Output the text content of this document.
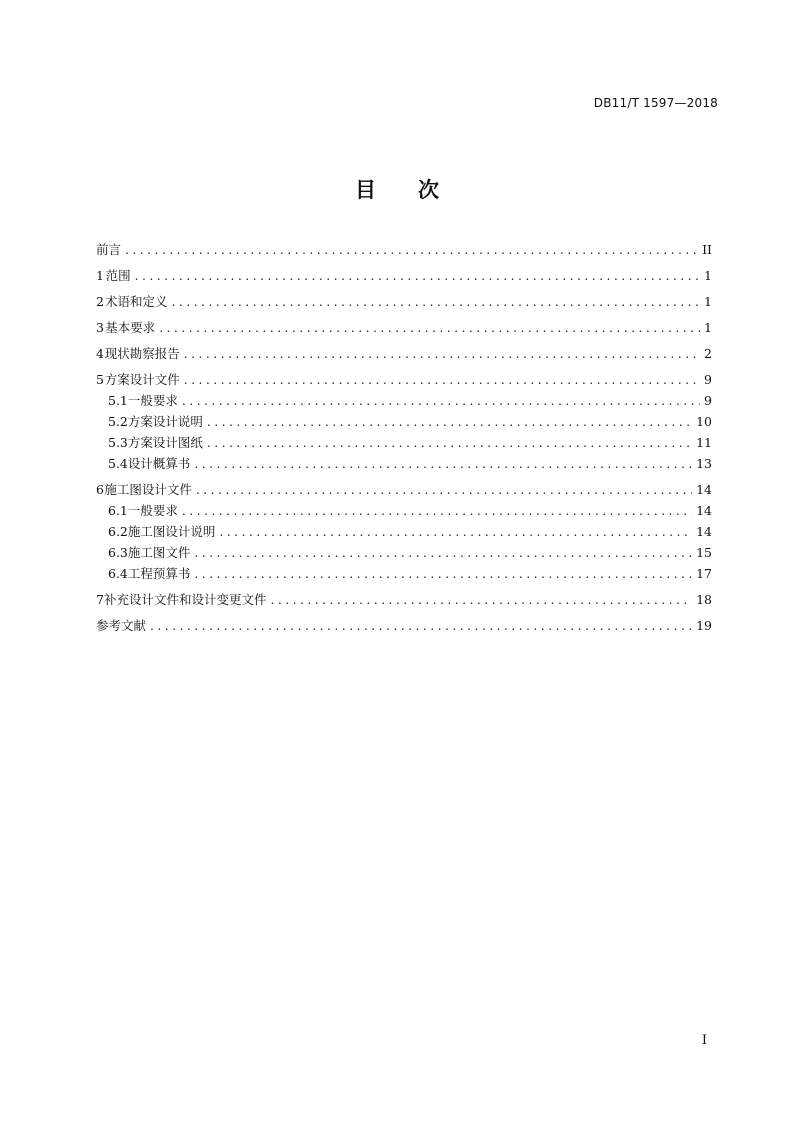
DB11/T 1597—2018
目　　次
前言 .....	II
1 范围 .....	1
2 术语和定义 .....	1
3 基本要求 .....	1
4 现状勘察报告 .....	2
5 方案设计文件 .....	9
5.1 一般要求 .....	9
5.2 方案设计说明 .....	10
5.3 方案设计图纸 .....	11
5.4 设计概算书 .....	13
6 施工图设计文件 .....	14
6.1 一般要求 .....	14
6.2 施工图设计说明 .....	14
6.3 施工图文件 .....	15
6.4 工程预算书 .....	17
7 补充设计文件和设计变更文件 .....	18
参考文献 .....	19
I
